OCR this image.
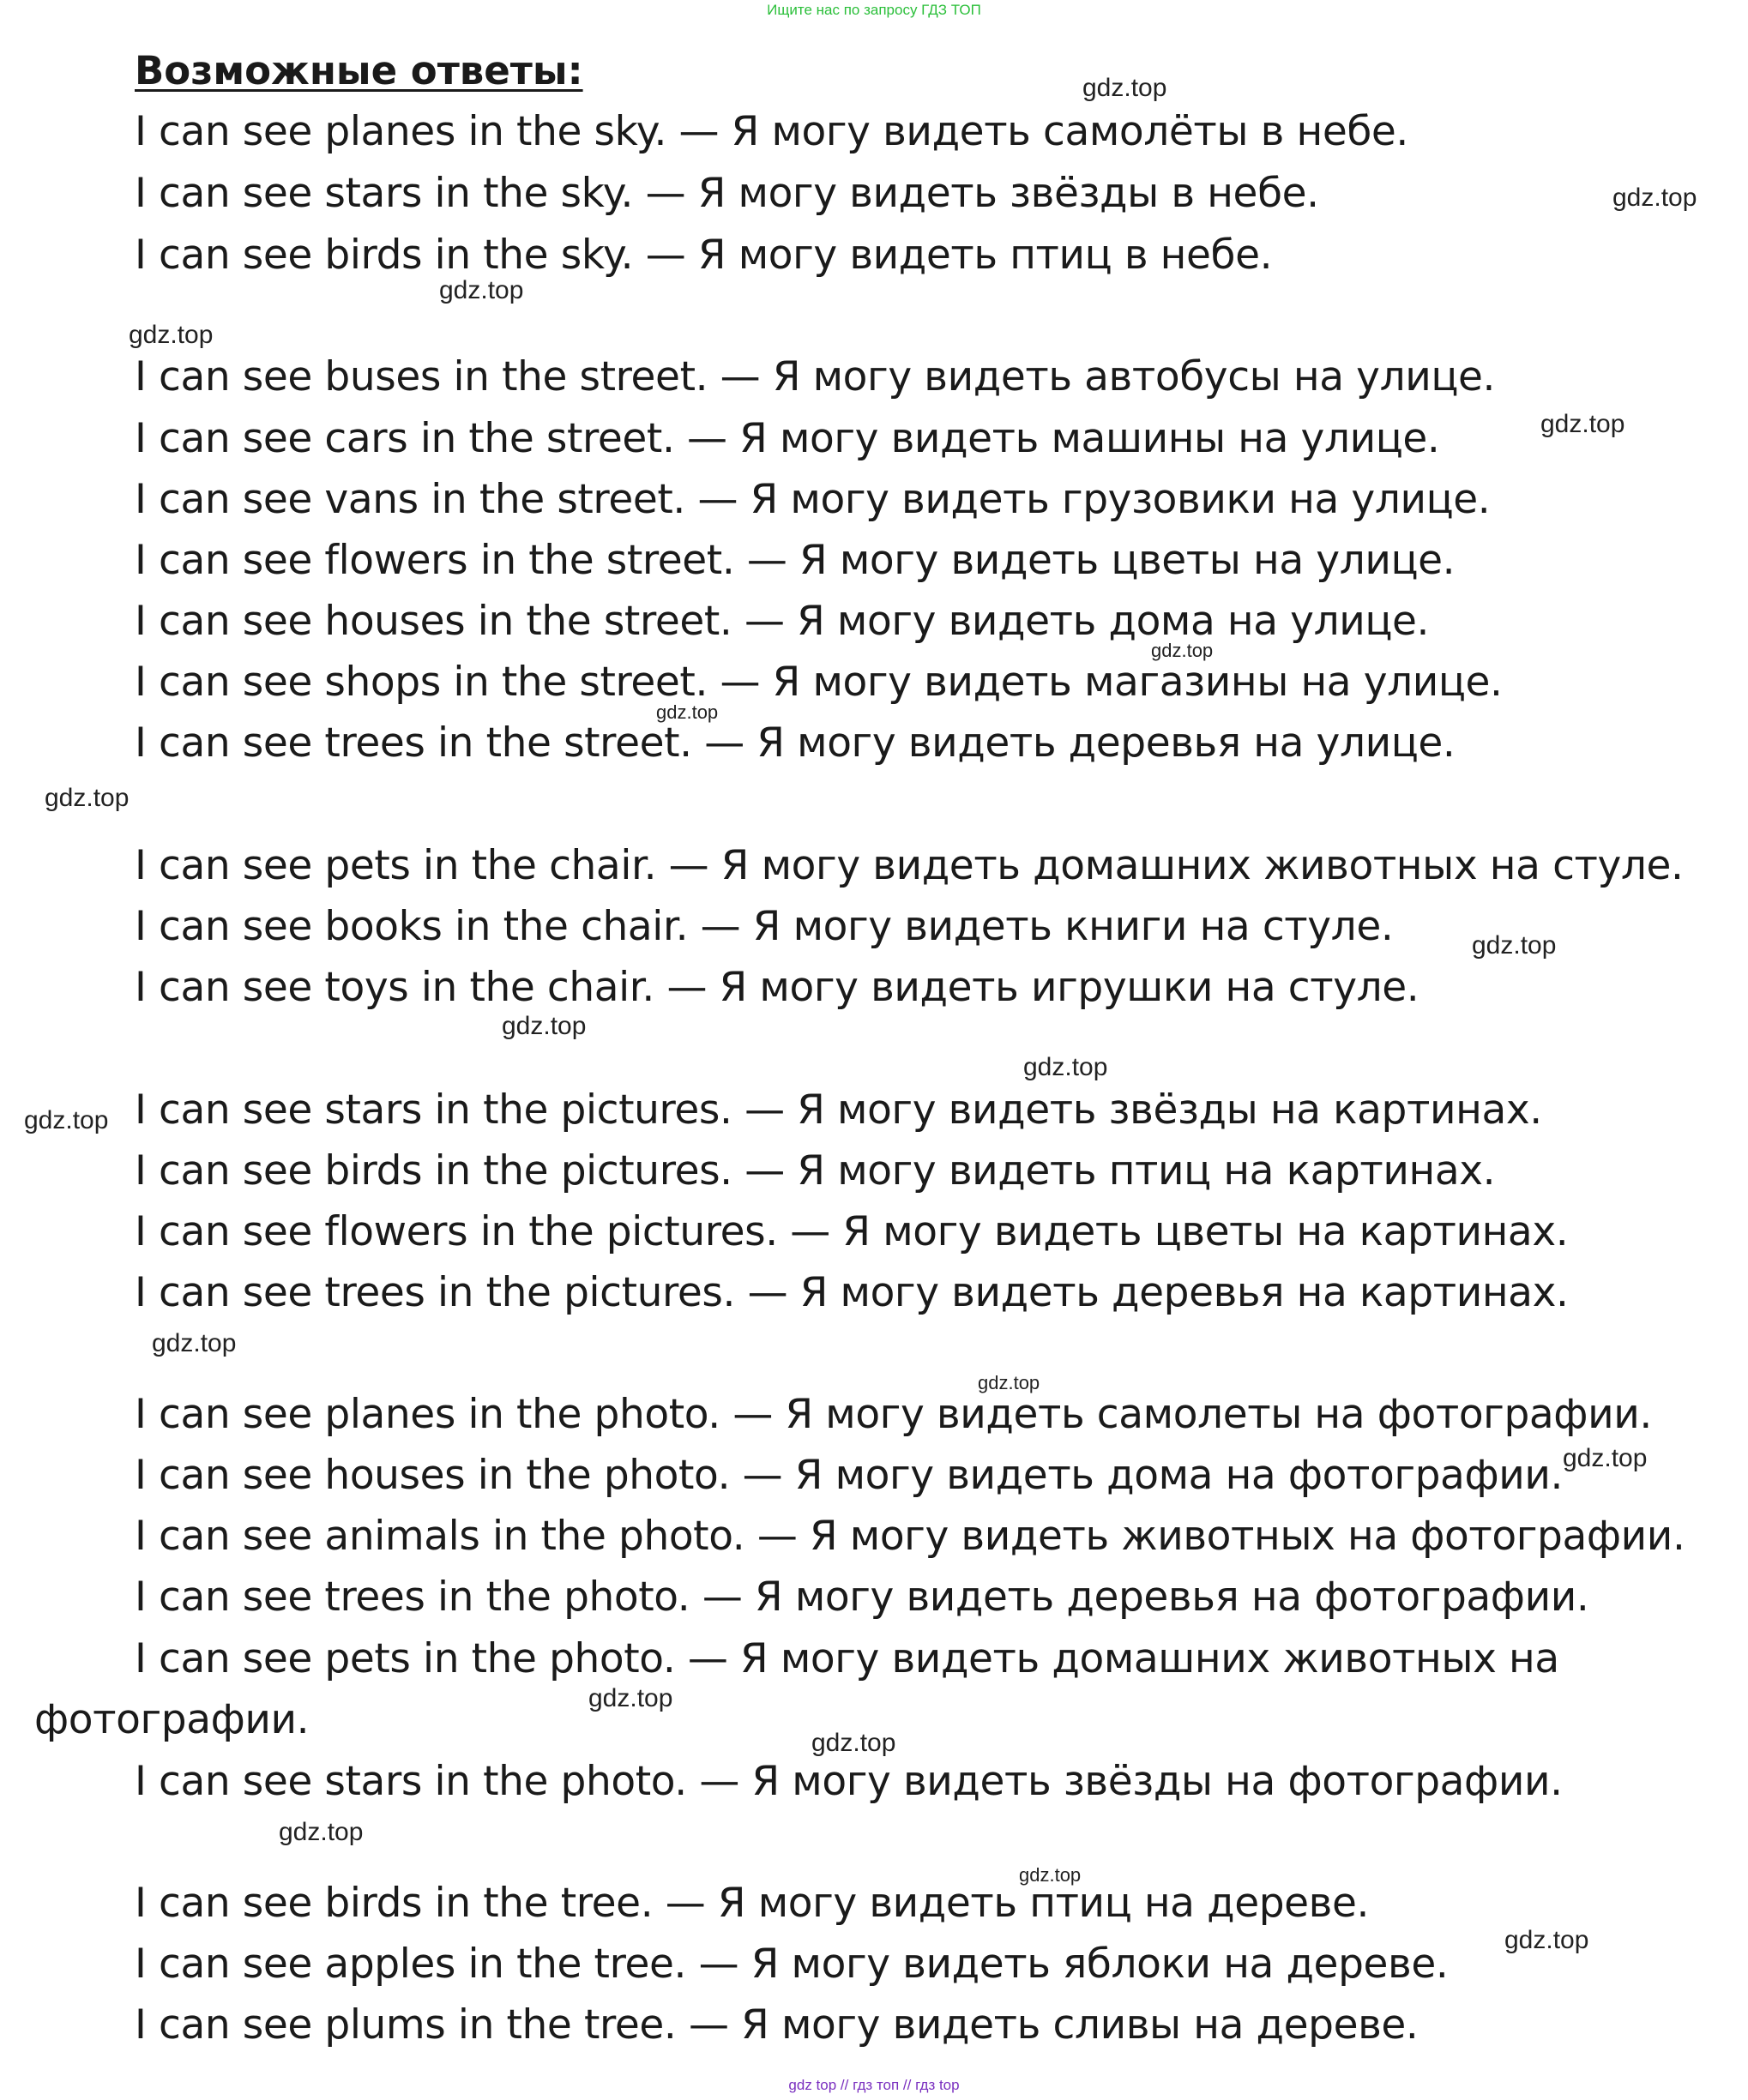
Ищите нас по запросу ГДЗ ТОП
Возможные ответы:
I can see planes in the sky. — Я могу видеть самолёты в небе.
I can see stars in the sky. — Я могу видеть звёзды в небе.
I can see birds in the sky. — Я могу видеть птиц в небе.
I can see buses in the street. — Я могу видеть автобусы на улице.
I can see cars in the street. — Я могу видеть машины на улице.
I can see vans in the street. — Я могу видеть грузовики на улице.
I can see flowers in the street. — Я могу видеть цветы на улице.
I can see houses in the street. — Я могу видеть дома на улице.
I can see shops in the street. — Я могу видеть магазины на улице.
I can see trees in the street. — Я могу видеть деревья на улице.
I can see pets in the chair. — Я могу видеть домашних животных на стуле.
I can see books in the chair. — Я могу видеть книги на стуле.
I can see toys in the chair. — Я могу видеть игрушки на стуле.
I can see stars in the pictures. — Я могу видеть звёзды на картинах.
I can see birds in the pictures. — Я могу видеть птиц на картинах.
I can see flowers in the pictures. — Я могу видеть цветы на картинах.
I can see trees in the pictures. — Я могу видеть деревья на картинах.
I can see planes in the photo. — Я могу видеть самолеты на фотографии.
I can see houses in the photo. — Я могу видеть дома на фотографии.
I can see animals in the photo. — Я могу видеть животных на фотографии.
I can see trees in the photo. — Я могу видеть деревья на фотографии.
I can see pets in the photo. — Я могу видеть домашних животных на
фотографии.
I can see stars in the photo. — Я могу видеть звёзды на фотографии.
I can see birds in the tree. — Я могу видеть птиц на дереве.
I can see apples in the tree. — Я могу видеть яблоки на дереве.
I can see plums in the tree. — Я могу видеть сливы на дереве.
gdz.top
gdz.top
gdz.top
gdz.top
gdz.top
gdz.top
gdz.top
gdz.top
gdz.top
gdz.top
gdz.top
gdz.top
gdz.top
gdz.top
gdz.top
gdz.top
gdz.top
gdz.top
gdz.top
gdz.top
gdz top // гдз топ // гдз top
